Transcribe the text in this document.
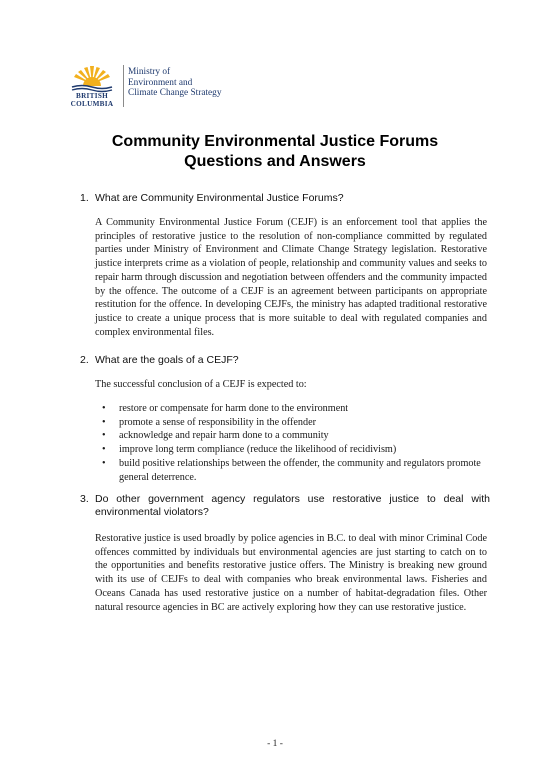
BRITISH
COLUMBIA
Ministry of
Environment and
Climate Change Strategy
Community Environmental Justice Forums
Questions and Answers
1. What are Community Environmental Justice Forums?
A Community Environmental Justice Forum (CEJF) is an enforcement tool that applies the principles of restorative justice to the resolution of non-compliance committed by regulated parties under Ministry of Environment and Climate Change Strategy legislation. Restorative justice interprets crime as a violation of people, relationship and community values and seeks to repair harm through discussion and negotiation between offenders and the community impacted by the offence. The outcome of a CEJF is an agreement between participants on appropriate restitution for the offence. In developing CEJFs, the ministry has adapted traditional restorative justice to create a unique process that is more suitable to deal with regulated companies and complex environmental files.
2. What are the goals of a CEJF?
The successful conclusion of a CEJF is expected to:
• restore or compensate for harm done to the environment
• promote a sense of responsibility in the offender
• acknowledge and repair harm done to a community
• improve long term compliance (reduce the likelihood of recidivism)
• build positive relationships between the offender, the community and regulators promote general deterrence.
3. Do other government agency regulators use restorative justice to deal with environmental violators?
Restorative justice is used broadly by police agencies in B.C. to deal with minor Criminal Code offences committed by individuals but environmental agencies are just starting to catch on to the opportunities and benefits restorative justice offers. The Ministry is breaking new ground with its use of CEJFs to deal with companies who break environmental laws. Fisheries and Oceans Canada has used restorative justice on a number of habitat-degradation files. Other natural resource agencies in BC are actively exploring how they can use restorative justice.
- 1 -
